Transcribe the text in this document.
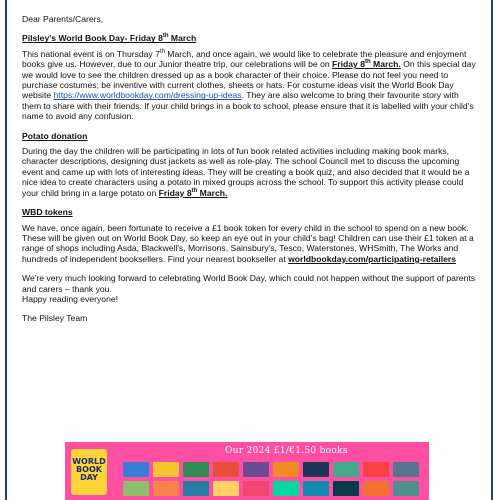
Dear Parents/Carers,

Pilsley's World Book Day- Friday 8th March

This national event is on Thursday 7th March, and once again, we would like to celebrate the pleasure and enjoyment books give us. However, due to our Junior theatre trip, our celebrations will be on Friday 8th March. On this special day we would love to see the children dressed up as a book character of their choice. Please do not feel you need to purchase costumes; be inventive with current clothes, sheets or hats. For costume ideas visit the World Book Day website https://www.worldbookday.com/dressing-up-ideas. They are also welcome to bring their favourite story with them to share with their friends. If your child brings in a book to school, please ensure that it is labelled with your child's name to avoid any confusion.

Potato donation

During the day the children will be participating in lots of fun book related activities including making book marks, character descriptions, designing dust jackets as well as role-play. The school Council met to discuss the upcoming event and came up with lots of interesting ideas. They will be creating a book quiz, and also decided that it would be a nice idea to create characters using a potato in mixed groups across the school. To support this activity please could your child bring in a large potato on Friday 8th March.

WBD tokens

We have, once again, been fortunate to receive a £1 book token for every child in the school to spend on a new book. These will be given out on World Book Day, so keep an eye out in your child's bag! Children can use their £1 token at a range of shops including Asda, Blackwell's, Morrisons, Sainsbury's, Tesco, Waterstones, WHSmith, The Works and hundreds of independent booksellers. Find your nearest bookseller at worldbookday.com/participating-retailers

We're very much looking forward to celebrating World Book Day, which could not happen without the support of parents and carers – thank you.
Happy reading everyone!

The Pilsley Team

WORLD
BOOK
DAY
Our 2024 £1/€1.50 books
